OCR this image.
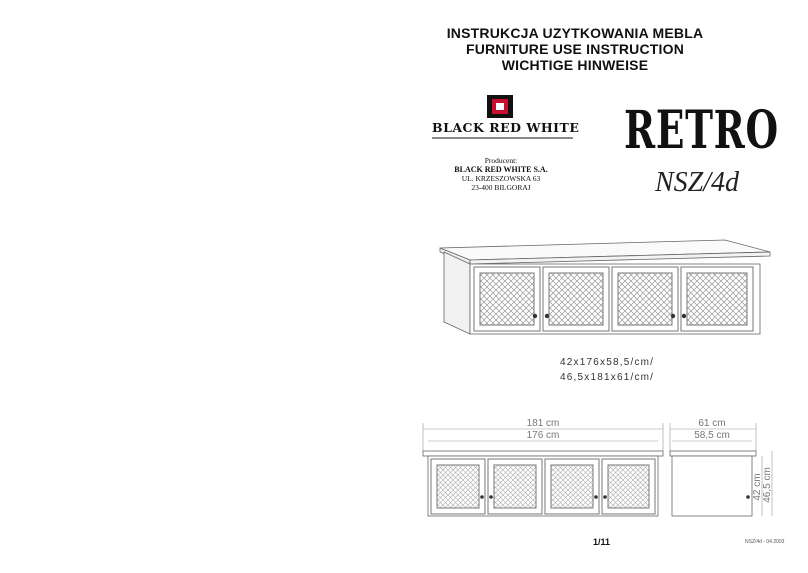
INSTRUKCJA UZYTKOWANIA MEBLA
FURNITURE USE INSTRUCTION
WICHTIGE HINWEISE
BLACK RED WHITE
Producent:
BLACK RED WHITE S.A.
UL. KRZESZOWSKA 63
23-400 BILGORAJ
RETRO
NSZ/4d
42x176x58,5/cm/
46,5x181x61/cm/
181 cm
176 cm
61 cm
58,5 cm
42 cm 46,5 cm
1/11	NSZ/4d - 04.2003
